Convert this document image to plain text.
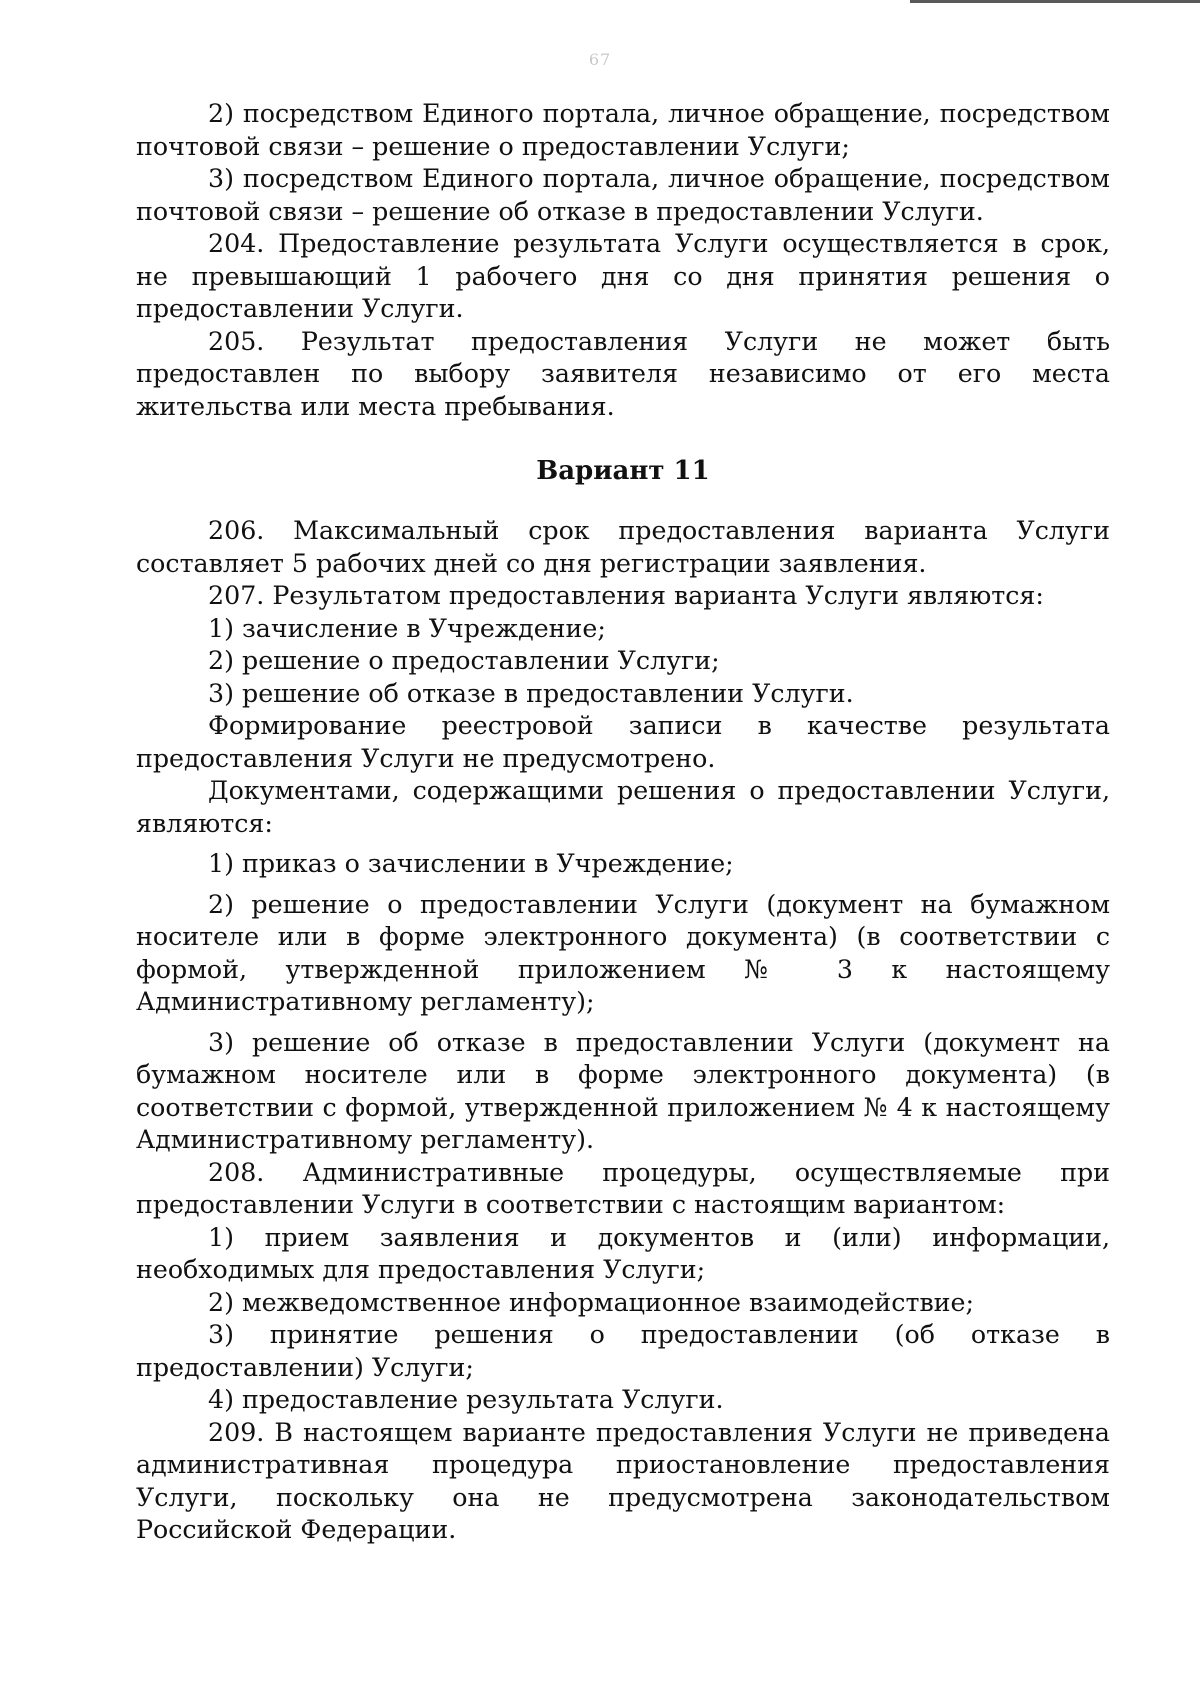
67

2) посредством Единого портала, личное обращение, посредством почтовой связи – решение о предоставлении Услуги;

3) посредством Единого портала, личное обращение, посредством почтовой связи – решение об отказе в предоставлении Услуги.

204. Предоставление результата Услуги осуществляется в срок, не превышающий 1 рабочего дня со дня принятия решения о предоставлении Услуги.

205. Результат предоставления Услуги не может быть предоставлен по выбору заявителя независимо от его места жительства или места пребывания.

Вариант 11

206. Максимальный срок предоставления варианта Услуги составляет 5 рабочих дней со дня регистрации заявления.

207. Результатом предоставления варианта Услуги являются:

1) зачисление в Учреждение;

2) решение о предоставлении Услуги;

3) решение об отказе в предоставлении Услуги.

Формирование реестровой записи в качестве результата предоставления Услуги не предусмотрено.

Документами, содержащими решения о предоставлении Услуги, являются:

1) приказ о зачислении в Учреждение;

2) решение о предоставлении Услуги (документ на бумажном носителе или в форме электронного документа) (в соответствии с формой, утвержденной приложением № 3 к настоящему Административному регламенту);

3) решение об отказе в предоставлении Услуги (документ на бумажном носителе или в форме электронного документа) (в соответствии с формой, утвержденной приложением № 4 к настоящему Административному регламенту).

208. Административные процедуры, осуществляемые при предоставлении Услуги в соответствии с настоящим вариантом:

1) прием заявления и документов и (или) информации, необходимых для предоставления Услуги;

2) межведомственное информационное взаимодействие;

3) принятие решения о предоставлении (об отказе в предоставлении) Услуги;

4) предоставление результата Услуги.

209. В настоящем варианте предоставления Услуги не приведена административная процедура приостановление предоставления Услуги, поскольку она не предусмотрена законодательством Российской Федерации.
